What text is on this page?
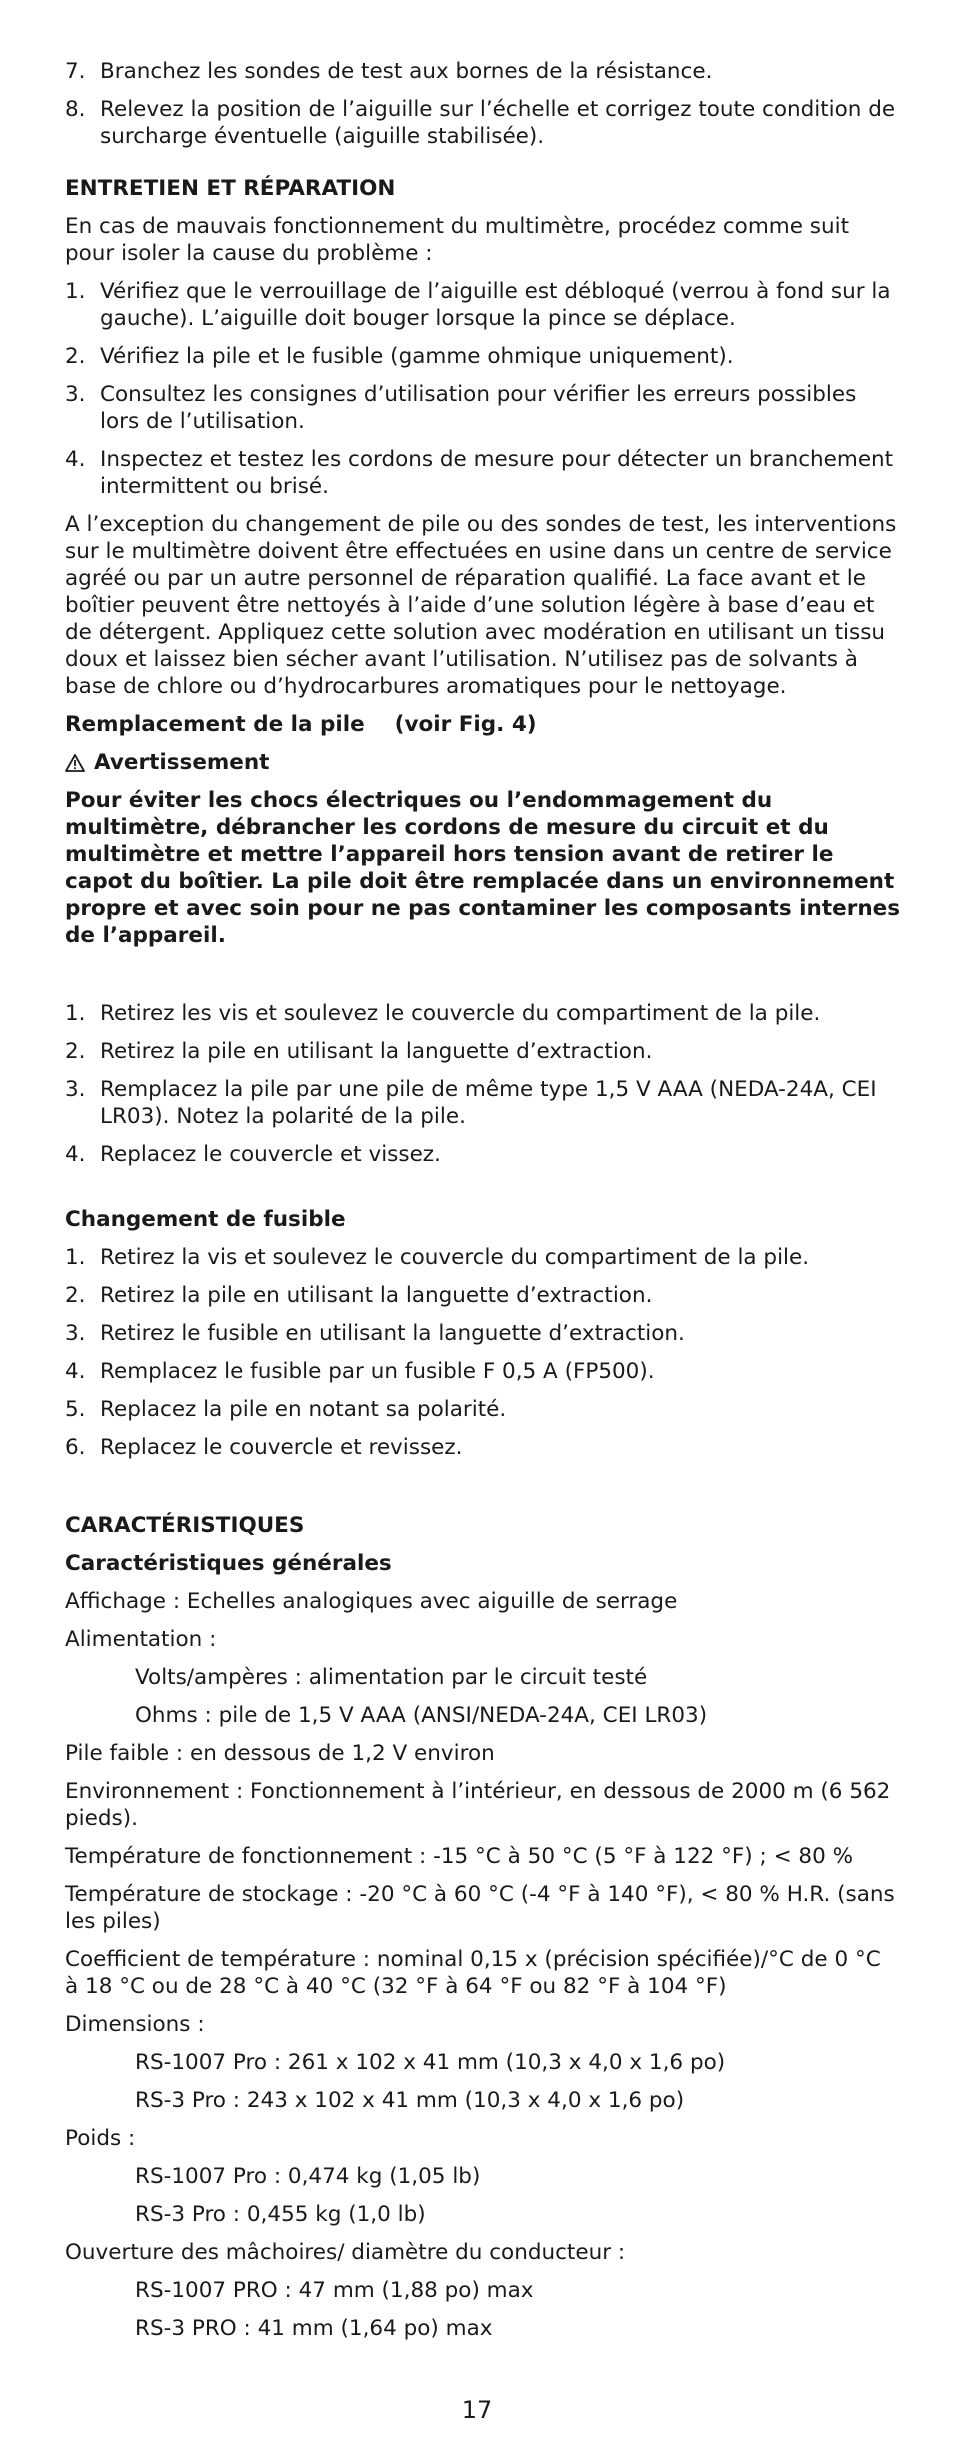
7. Branchez les sondes de test aux bornes de la résistance.
8. Relevez la position de l’aiguille sur l’échelle et corrigez toute condition de surcharge éventuelle (aiguille stabilisée).

ENTRETIEN ET RÉPARATION

En cas de mauvais fonctionnement du multimètre, procédez comme suit pour isoler la cause du problème :

1. Vérifiez que le verrouillage de l’aiguille est débloqué (verrou à fond sur la gauche). L’aiguille doit bouger lorsque la pince se déplace.
2. Vérifiez la pile et le fusible (gamme ohmique uniquement).
3. Consultez les consignes d’utilisation pour vérifier les erreurs possibles lors de l’utilisation.
4. Inspectez et testez les cordons de mesure pour détecter un branchement intermittent ou brisé.

A l’exception du changement de pile ou des sondes de test, les interventions sur le multimètre doivent être effectuées en usine dans un centre de service agréé ou par un autre personnel de réparation qualifié. La face avant et le boîtier peuvent être nettoyés à l’aide d’une solution légère à base d’eau et de détergent. Appliquez cette solution avec modération en utilisant un tissu doux et laissez bien sécher avant l’utilisation. N’utilisez pas de solvants à base de chlore ou d’hydrocarbures aromatiques pour le nettoyage.

Remplacement de la pile    (voir Fig. 4)

Avertissement

Pour éviter les chocs électriques ou l’endommagement du multimètre, débrancher les cordons de mesure du circuit et du multimètre et mettre l’appareil hors tension avant de retirer le capot du boîtier. La pile doit être remplacée dans un environnement propre et avec soin pour ne pas contaminer les composants internes de l’appareil.

1. Retirez les vis et soulevez le couvercle du compartiment de la pile.
2. Retirez la pile en utilisant la languette d’extraction.
3. Remplacez la pile par une pile de même type 1,5 V AAA (NEDA-24A, CEI LR03). Notez la polarité de la pile.
4. Replacez le couvercle et vissez.

Changement de fusible

1. Retirez la vis et soulevez le couvercle du compartiment de la pile.
2. Retirez la pile en utilisant la languette d’extraction.
3. Retirez le fusible en utilisant la languette d’extraction.
4. Remplacez le fusible par un fusible F 0,5 A (FP500).
5. Replacez la pile en notant sa polarité.
6. Replacez le couvercle et revissez.

CARACTÉRISTIQUES

Caractéristiques générales

Affichage : Echelles analogiques avec aiguille de serrage

Alimentation :

Volts/ampères : alimentation par le circuit testé

Ohms : pile de 1,5 V AAA (ANSI/NEDA-24A, CEI LR03)

Pile faible : en dessous de 1,2 V environ

Environnement : Fonctionnement à l’intérieur, en dessous de 2000 m (6 562 pieds).

Température de fonctionnement : -15 °C à 50 °C (5 °F à 122 °F) ; < 80 %

Température de stockage : -20 °C à 60 °C (-4 °F à 140 °F), < 80 % H.R. (sans les piles)

Coefficient de température : nominal 0,15 x (précision spécifiée)/°C de 0 °C à 18 °C ou de 28 °C à 40 °C (32 °F à 64 °F ou 82 °F à 104 °F)

Dimensions :

RS-1007 Pro : 261 x 102 x 41 mm (10,3 x 4,0 x 1,6 po)

RS-3 Pro : 243 x 102 x 41 mm (10,3 x 4,0 x 1,6 po)

Poids :

RS-1007 Pro : 0,474 kg (1,05 lb)

RS-3 Pro : 0,455 kg (1,0 lb)

Ouverture des mâchoires/ diamètre du conducteur :

RS-1007 PRO : 47 mm (1,88 po) max

RS-3 PRO : 41 mm (1,64 po) max

17
